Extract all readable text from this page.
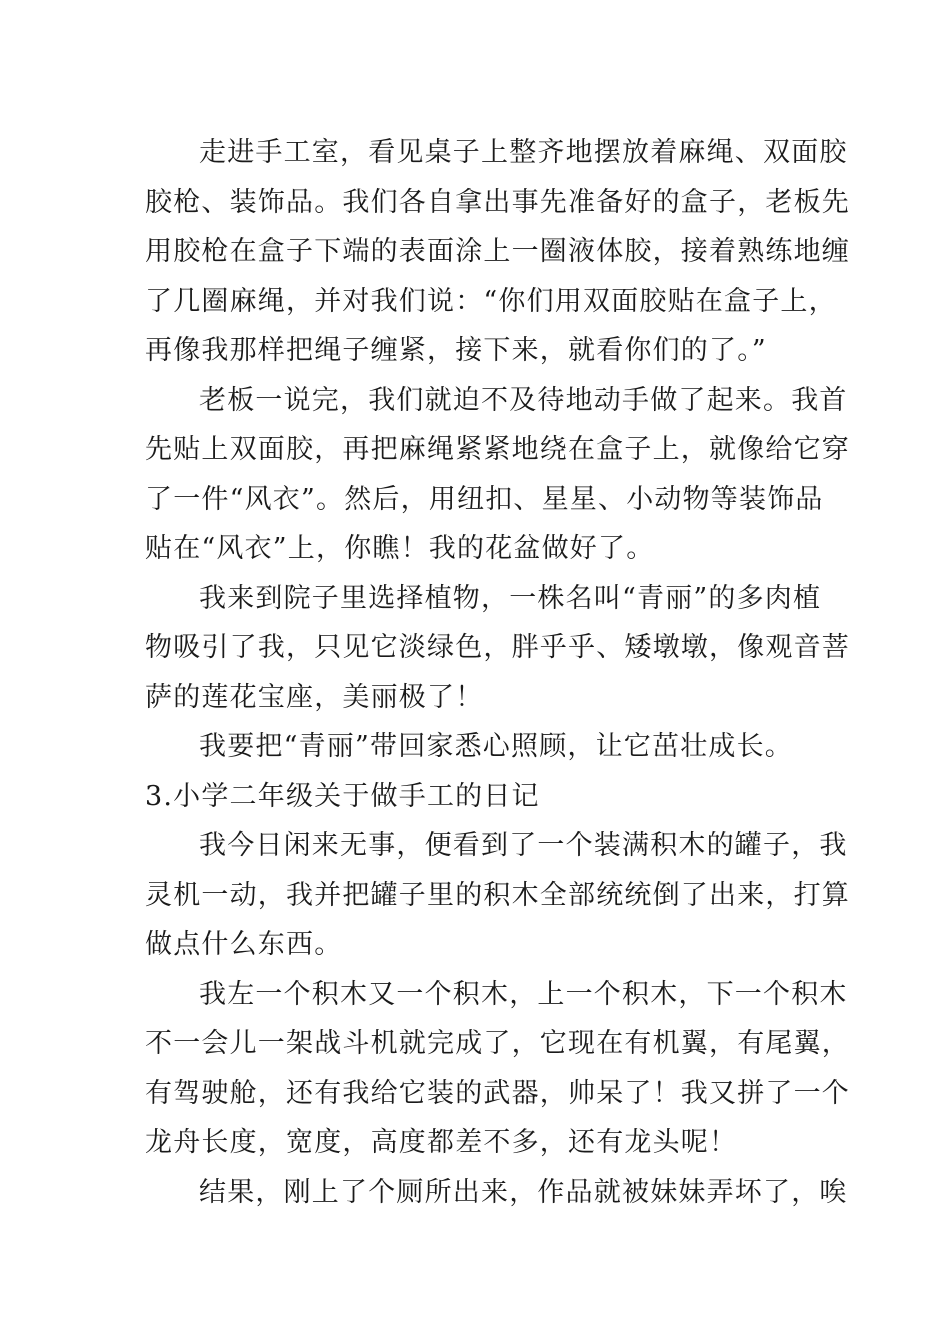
走进手工室，看见桌子上整齐地摆放着麻绳、双面胶
胶枪、装饰品。我们各自拿出事先准备好的盒子，老板先
用胶枪在盒子下端的表面涂上一圈液体胶，接着熟练地缠
了几圈麻绳，并对我们说：“你们用双面胶贴在盒子上，
再像我那样把绳子缠紧，接下来，就看你们的了。”
老板一说完，我们就迫不及待地动手做了起来。我首
先贴上双面胶，再把麻绳紧紧地绕在盒子上，就像给它穿
了一件“风衣”。然后，用纽扣、星星、小动物等装饰品
贴在“风衣”上，你瞧！我的花盆做好了。
我来到院子里选择植物，一株名叫“青丽”的多肉植
物吸引了我，只见它淡绿色，胖乎乎、矮墩墩，像观音菩
萨的莲花宝座，美丽极了！
我要把“青丽”带回家悉心照顾，让它茁壮成长。
3.小学二年级关于做手工的日记
我今日闲来无事，便看到了一个装满积木的罐子，我
灵机一动，我并把罐子里的积木全部统统倒了出来，打算
做点什么东西。
我左一个积木又一个积木，上一个积木，下一个积木
不一会儿一架战斗机就完成了，它现在有机翼，有尾翼，
有驾驶舱，还有我给它装的武器，帅呆了！我又拼了一个
龙舟长度，宽度，高度都差不多，还有龙头呢！
结果，刚上了个厕所出来，作品就被妹妹弄坏了，唉
